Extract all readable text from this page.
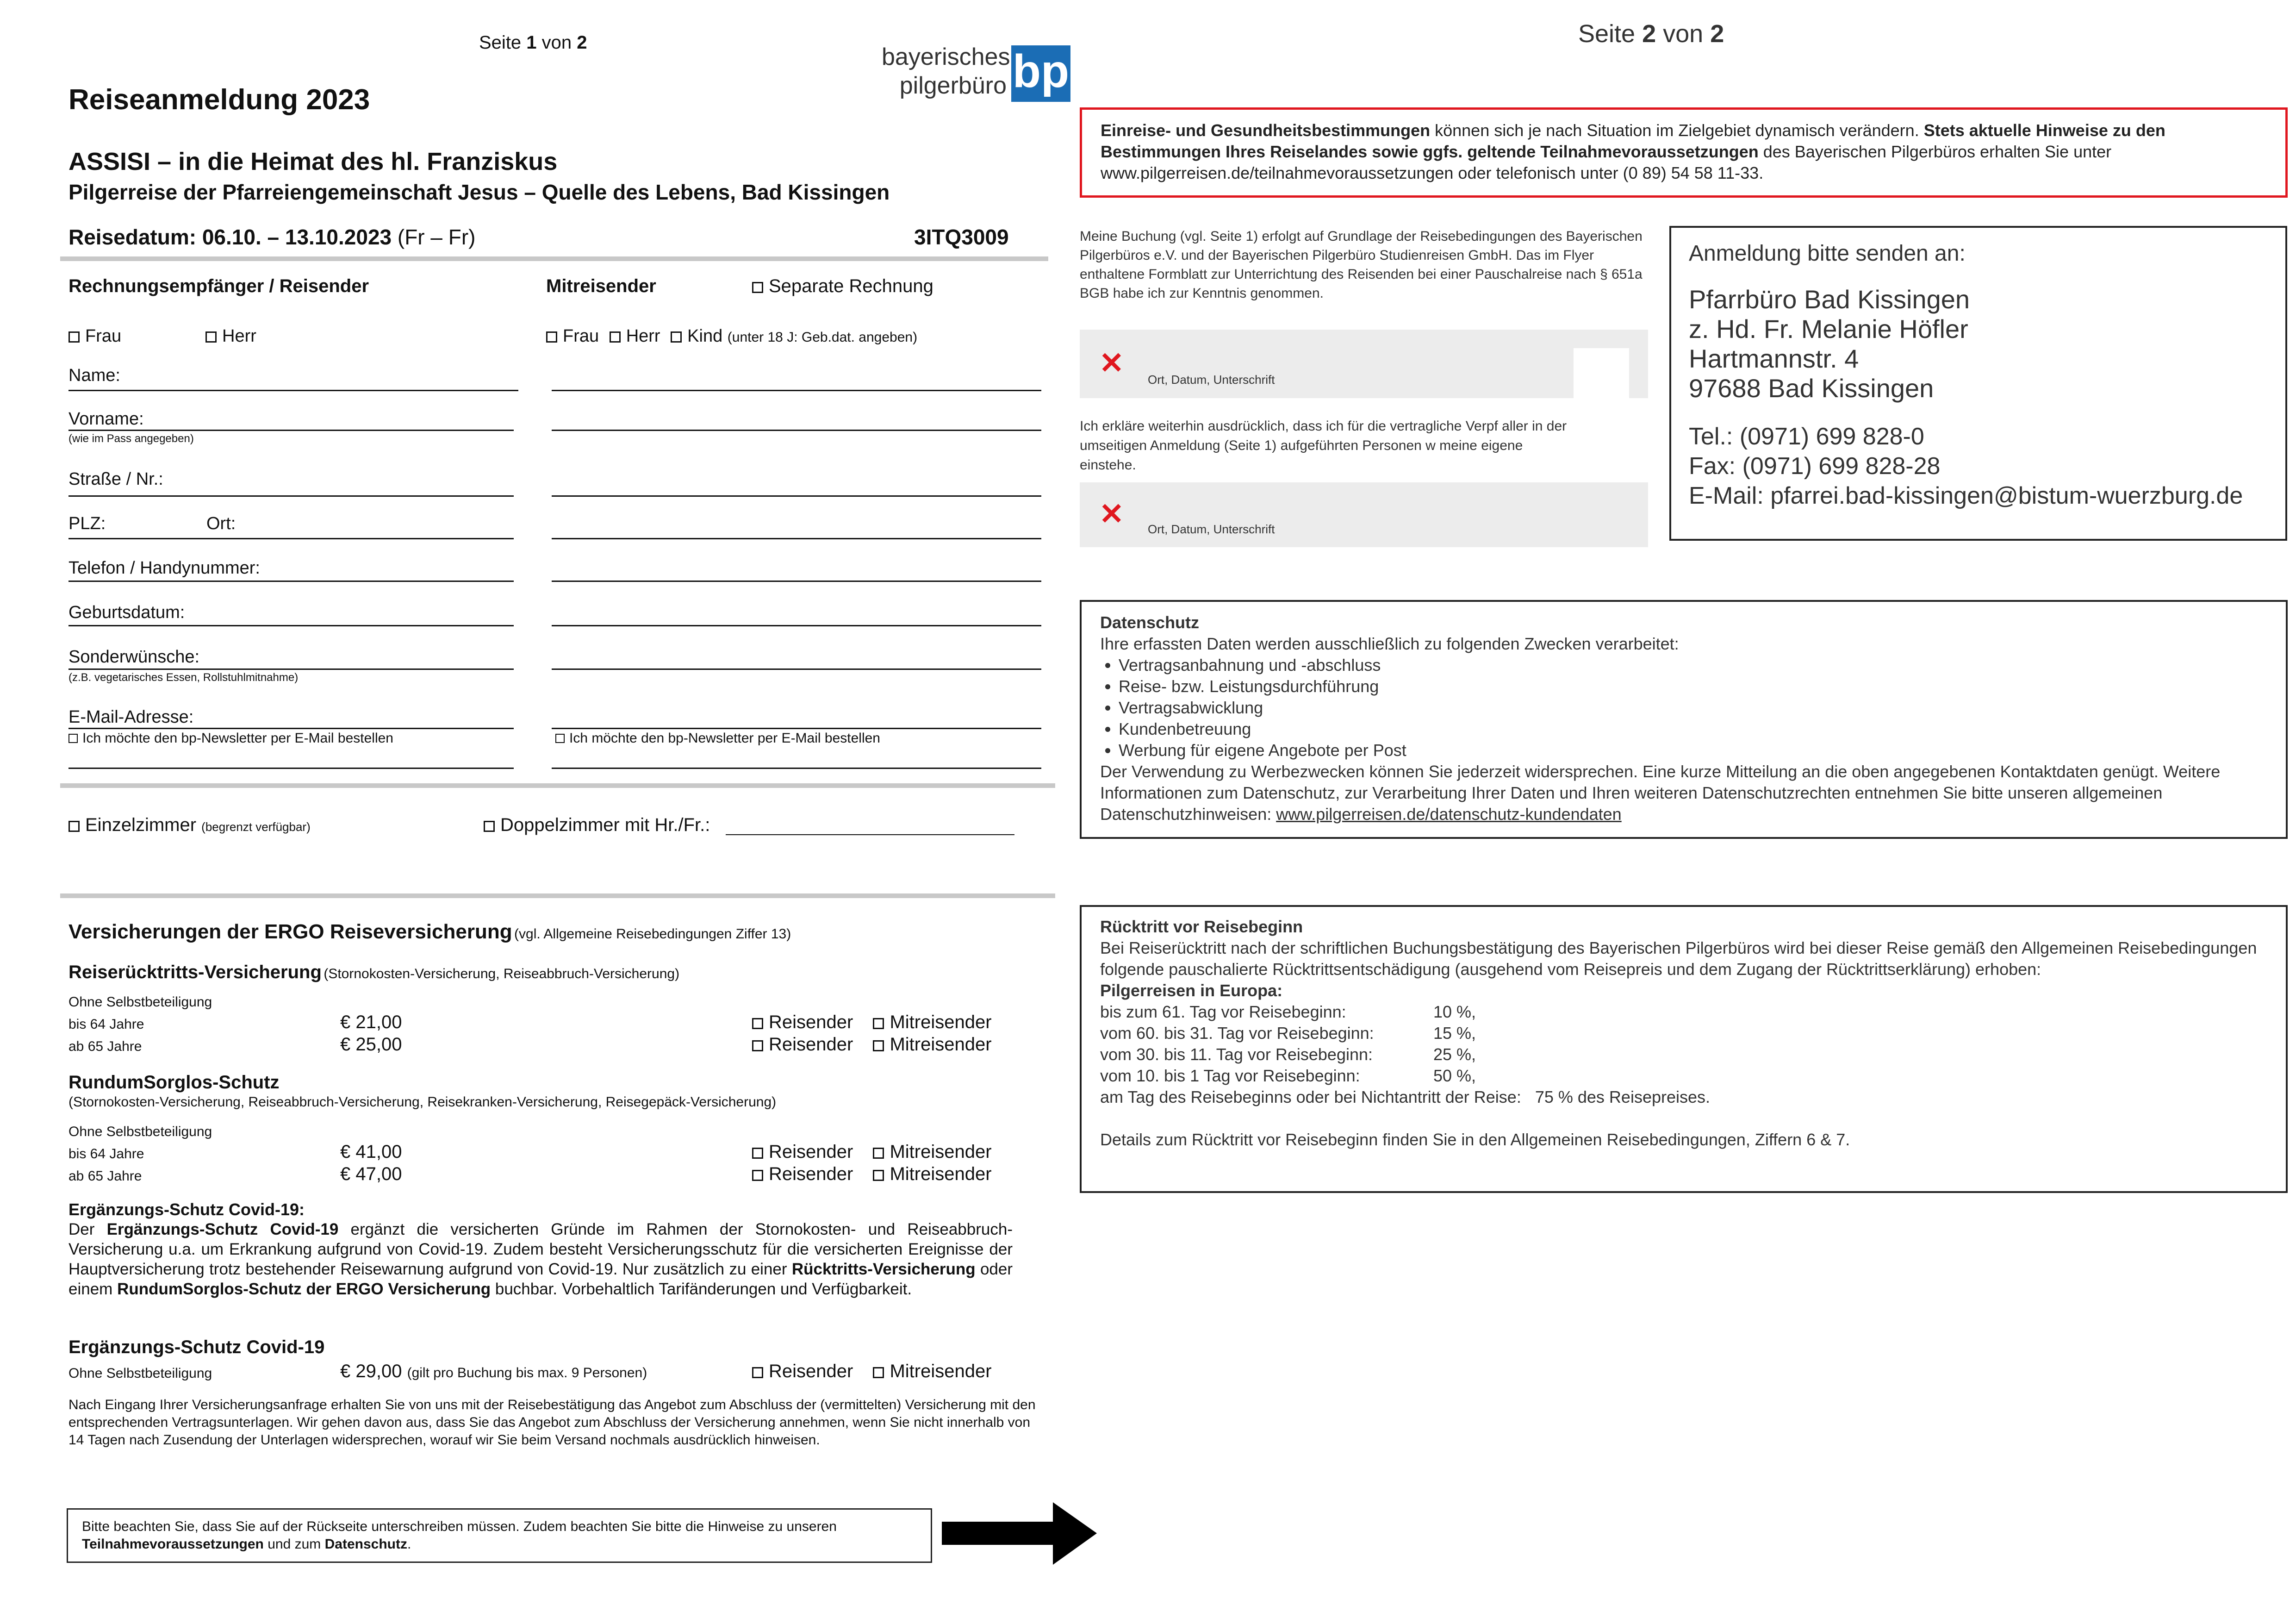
Seite 1 von 2
bayerisches
pilgerbüro bp
Reiseanmeldung 2023
ASSISI – in die Heimat des hl. Franziskus
Pilgerreise der Pfarreiengemeinschaft Jesus – Quelle des Lebens, Bad Kissingen
Reisedatum: 06.10. – 13.10.2023 (Fr – Fr)	3ITQ3009
Rechnungsempfänger / Reisender	Mitreisender	Separate Rechnung
Frau	Herr	Frau Herr Kind (unter 18 J: Geb.dat. angeben)
Name:
Vorname:
(wie im Pass angegeben)
Straße / Nr.:
PLZ:	Ort:
Telefon / Handynummer:
Geburtsdatum:
Sonderwünsche:
(z.B. vegetarisches Essen, Rollstuhlmitnahme)
E-Mail-Adresse:
Ich möchte den bp-Newsletter per E-Mail bestellen	Ich möchte den bp-Newsletter per E-Mail bestellen
Einzelzimmer (begrenzt verfügbar)	Doppelzimmer mit Hr./Fr.:
Versicherungen der ERGO Reiseversicherung (vgl. Allgemeine Reisebedingungen Ziffer 13)
Reiserücktritts-Versicherung (Stornokosten-Versicherung, Reiseabbruch-Versicherung)
Ohne Selbstbeteiligung
bis 64 Jahre	€ 21,00	Reisender Mitreisender
ab 65 Jahre	€ 25,00	Reisender Mitreisender
RundumSorglos-Schutz
(Stornokosten-Versicherung, Reiseabbruch-Versicherung, Reisekranken-Versicherung, Reisegepäck-Versicherung)
Ohne Selbstbeteiligung
bis 64 Jahre	€ 41,00	Reisender Mitreisender
ab 65 Jahre	€ 47,00	Reisender Mitreisender
Ergänzungs-Schutz Covid-19:
Der Ergänzungs-Schutz Covid-19 ergänzt die versicherten Gründe im Rahmen der Stornokosten- und Reiseabbruch-Versicherung u.a. um Erkrankung aufgrund von Covid-19. Zudem besteht Versicherungsschutz für die versicherten Ereignisse der Hauptversicherung trotz bestehender Reisewarnung aufgrund von Covid-19. Nur zusätzlich zu einer Rücktritts-Versicherung oder einem RundumSorglos-Schutz der ERGO Versicherung buchbar. Vorbehaltlich Tarifänderungen und Verfügbarkeit.
Ergänzungs-Schutz Covid-19
Ohne Selbstbeteiligung	€ 29,00 (gilt pro Buchung bis max. 9 Personen)	Reisender Mitreisender
Nach Eingang Ihrer Versicherungsanfrage erhalten Sie von uns mit der Reisebestätigung das Angebot zum Abschluss der (vermittelten) Versicherung mit den entsprechenden Vertragsunterlagen. Wir gehen davon aus, dass Sie das Angebot zum Abschluss der Versicherung annehmen, wenn Sie nicht innerhalb von 14 Tagen nach Zusendung der Unterlagen widersprechen, worauf wir Sie beim Versand nochmals ausdrücklich hinweisen.
Bitte beachten Sie, dass Sie auf der Rückseite unterschreiben müssen. Zudem beachten Sie bitte die Hinweise zu unseren Teilnahmevoraussetzungen und zum Datenschutz.
Seite 2 von 2
Einreise- und Gesundheitsbestimmungen können sich je nach Situation im Zielgebiet dynamisch verändern. Stets aktuelle Hinweise zu den Bestimmungen Ihres Reiselandes sowie ggfs. geltende Teilnahmevoraussetzungen des Bayerischen Pilgerbüros erhalten Sie unter www.pilgerreisen.de/teilnahmevoraussetzungen oder telefonisch unter (0 89) 54 58 11-33.
Meine Buchung (vgl. Seite 1) erfolgt auf Grundlage der Reisebedingungen des Bayerischen Pilgerbüros e.V. und der Bayerischen Pilgerbüro Studienreisen GmbH. Das im Flyer enthaltene Formblatt zur Unterrichtung des Reisenden bei einer Pauschalreise nach § 651a BGB habe ich zur Kenntnis genommen.
✕ Ort, Datum, Unterschrift
Ich erkläre weiterhin ausdrücklich, dass ich für die vertragliche Verpf aller in der umseitigen Anmeldung (Seite 1) aufgeführten Personen w meine eigene einstehe.
✕ Ort, Datum, Unterschrift
Anmeldung bitte senden an:
Pfarrbüro Bad Kissingen
z. Hd. Fr. Melanie Höfler
Hartmannstr. 4
97688 Bad Kissingen
Tel.: (0971) 699 828-0
Fax: (0971) 699 828-28
E-Mail: pfarrei.bad-kissingen@bistum-wuerzburg.de
Datenschutz
Ihre erfassten Daten werden ausschließlich zu folgenden Zwecken verarbeitet:
• Vertragsanbahnung und -abschluss
• Reise- bzw. Leistungsdurchführung
• Vertragsabwicklung
• Kundenbetreuung
• Werbung für eigene Angebote per Post
Der Verwendung zu Werbezwecken können Sie jederzeit widersprechen. Eine kurze Mitteilung an die oben angegebenen Kontaktdaten genügt. Weitere Informationen zum Datenschutz, zur Verarbeitung Ihrer Daten und Ihren weiteren Datenschutzrechten entnehmen Sie bitte unseren allgemeinen Datenschutzhinweisen: www.pilgerreisen.de/datenschutz-kundendaten
Rücktritt vor Reisebeginn
Bei Reiserücktritt nach der schriftlichen Buchungsbestätigung des Bayerischen Pilgerbüros wird bei dieser Reise gemäß den Allgemeinen Reisebedingungen folgende pauschalierte Rücktrittsentschädigung (ausgehend vom Reisepreis und dem Zugang der Rücktrittserklärung) erhoben:
Pilgerreisen in Europa:
bis zum 61. Tag vor Reisebeginn:	10 %,
vom 60. bis 31. Tag vor Reisebeginn:	15 %,
vom 30. bis 11. Tag vor Reisebeginn:	25 %,
vom 10. bis 1 Tag vor Reisebeginn:	50 %,
am Tag des Reisebeginns oder bei Nichtantritt der Reise:   75 % des Reisepreises.
Details zum Rücktritt vor Reisebeginn finden Sie in den Allgemeinen Reisebedingungen, Ziffern 6 & 7.
